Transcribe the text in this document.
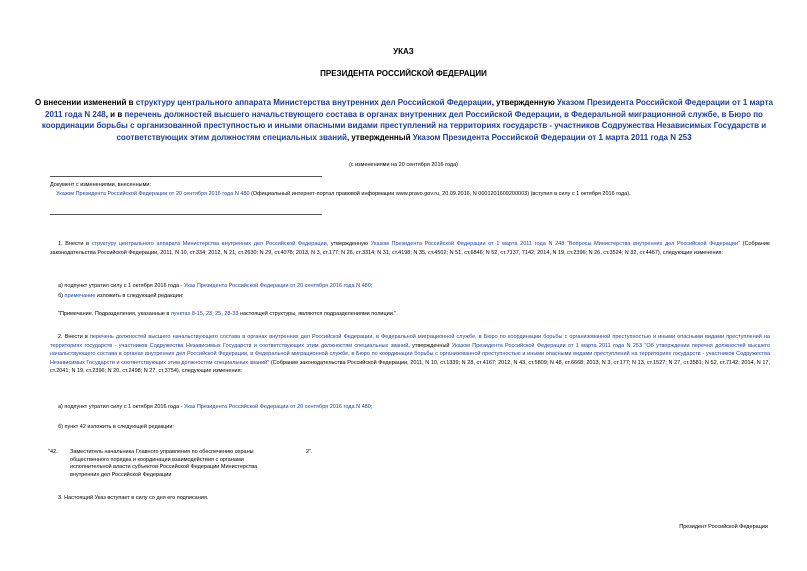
УКАЗ
ПРЕЗИДЕНТА РОССИЙСКОЙ ФЕДЕРАЦИИ
О внесении изменений в структуру центрального аппарата Министерства внутренних дел Российской Федерации, утвержденную Указом Президента Российской Федерации от 1 марта 2011 года N 248, и в перечень должностей высшего начальствующего состава в органах внутренних дел Российской Федерации, в Федеральной миграционной службе, в Бюро по координации борьбы с организованной преступностью и иными опасными видами преступлений на территориях государств - участников Содружества Независимых Государств и соответствующих этим должностям специальных званий, утвержденный Указом Президента Российской Федерации от 1 марта 2011 года N 253
(с изменениями на 20 сентября 2016 года)
Документ с изменениями, внесенными:
Указом Президента Российской Федерации от 20 сентября 2016 года N 480 (Официальный интернет-портал правовой информации www.pravo.gov.ru, 20.09.2016, N 0001201609200003) (вступил в силу с 1 октября 2016 года).
1. Внести в структуру центрального аппарата Министерства внутренних дел Российской Федерации, утвержденную Указом Президента Российской Федерации от 1 марта 2011 года N 248 "Вопросы Министерства внутренних дел Российской Федерации" (Собрание законодательства Российской Федерации, 2011, N 10, ст.334; 2012, N 21, ст.2630; N 29, ст.4078; 2013, N 3, ст.177; N 26, ст.3314; N 31, ст.4198; N 35, ст.4502; N 51, ст.6846; N 52, ст.7137, 7142; 2014, N 19, ст.2396; N 26, ст.3524; N 32, ст.4467), следующие изменения:
а) подпункт утратил силу с 1 октября 2016 года - Указ Президента Российской Федерации от 20 сентября 2016 года N 480;
б) примечание изложить в следующей редакции:
"Примечание. Подразделения, указанные в пунктах 8-15, 23, 25, 28-33 настоящей структуры, являются подразделениями полиции.".
2. Внести в перечень должностей высшего начальствующего состава в органах внутренних дел Российской Федерации, в Федеральной миграционной службе, в Бюро по координации борьбы с организованной преступностью и иными опасными видами преступлений на территориях государств - участников Содружества Независимых Государств и соответствующих этим должностям специальных званий, утвержденный Указом Президента Российской Федерации от 1 марта 2011 года N 253 "Об утверждении перечня должностей высшего начальствующего состава в органах внутренних дел Российской Федерации, в Федеральной миграционной службе, в Бюро по координации борьбы с организованной преступностью и иными опасными видами преступлений на территориях государств - участников Содружества Независимых Государств и соответствующих этим должностям специальных званий" (Собрание законодательства Российской Федерации, 2011, N 10, ст.1339; N 28, ст.4167; 2012, N 43, ст.5809; N 48, ст.6668; 2013, N 3, ст.177; N 13, ст.1527; N 27, ст.3581; N 52, ст.7142; 2014, N 17, ст.2041; N 19, ст.2396; N 20, ст.2498; N 27, ст.3754), следующие изменения:
а) подпункт утратил силу с 1 октября 2016 года - Указ Президента Российской Федерации от 20 сентября 2016 года N 480;
б) пункт 42 изложить в следующей редакции:
"42.	Заместитель начальника Главного управления по обеспечению охраны общественного порядка и координации взаимодействия с органами исполнительной власти субъектов Российской Федерации Министерства внутренних дел Российской Федерации
2".
3. Настоящий Указ вступает в силу со дня его подписания.
Президент Российской Федерации
